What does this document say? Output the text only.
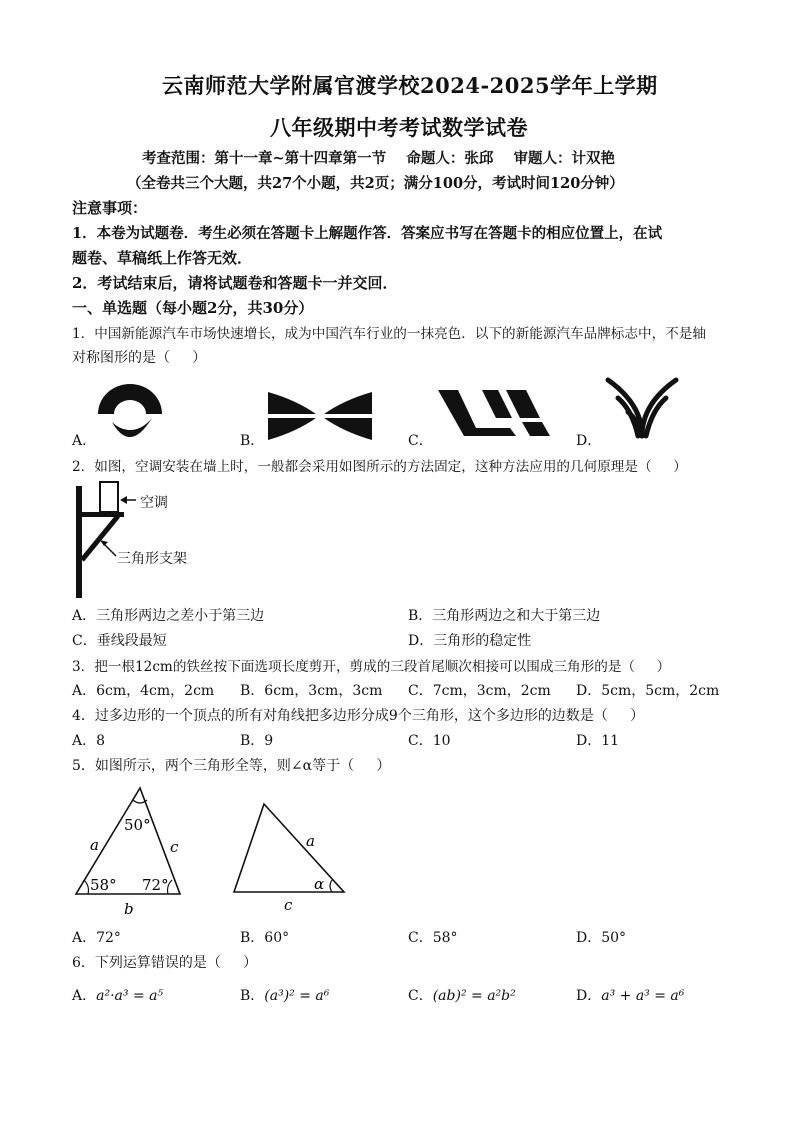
云南师范大学附属官渡学校2024-2025学年上学期
八年级期中考考试数学试卷
考查范围：第十一章~第十四章第一节    命题人：张邱    审题人：计双艳
（全卷共三个大题，共27个小题，共2页；满分100分，考试时间120分钟）
注意事项：
1．本卷为试题卷．考生必须在答题卡上解题作答．答案应书写在答题卡的相应位置上，在试
题卷、草稿纸上作答无效．
2．考试结束后，请将试题卷和答题卡一并交回．
一、单选题（每小题2分，共30分）
1．中国新能源汽车市场快速增长，成为中国汽车行业的一抹亮色．以下的新能源汽车品牌标志中，不是轴
对称图形的是（     ）
A．	B．	C．	D．
2．如图，空调安装在墙上时，一般都会采用如图所示的方法固定，这种方法应用的几何原理是（     ）
空调
三角形支架
A．三角形两边之差小于第三边	B．三角形两边之和大于第三边
C．垂线段最短	D．三角形的稳定性
3．把一根12cm的铁丝按下面选项长度剪开，剪成的三段首尾顺次相接可以围成三角形的是（     ）
A．6cm，4cm，2cm B．6cm，3cm，3cm C．7cm，3cm，2cm D．5cm，5cm，2cm
4．过多边形的一个顶点的所有对角线把多边形分成9个三角形，这个多边形的边数是（     ）
A．8	B．9	C．10	D．11
5．如图所示，两个三角形全等，则∠α等于（     ）
50°
58° 72°
a	c
b
a
α
c
A．72°	B．60°	C．58°	D．50°
6．下列运算错误的是（     ）
A．a²·a³ = a⁵	B．(a³)² = a⁶	C．(ab)² = a²b²	D．a³ + a³ = a⁶
